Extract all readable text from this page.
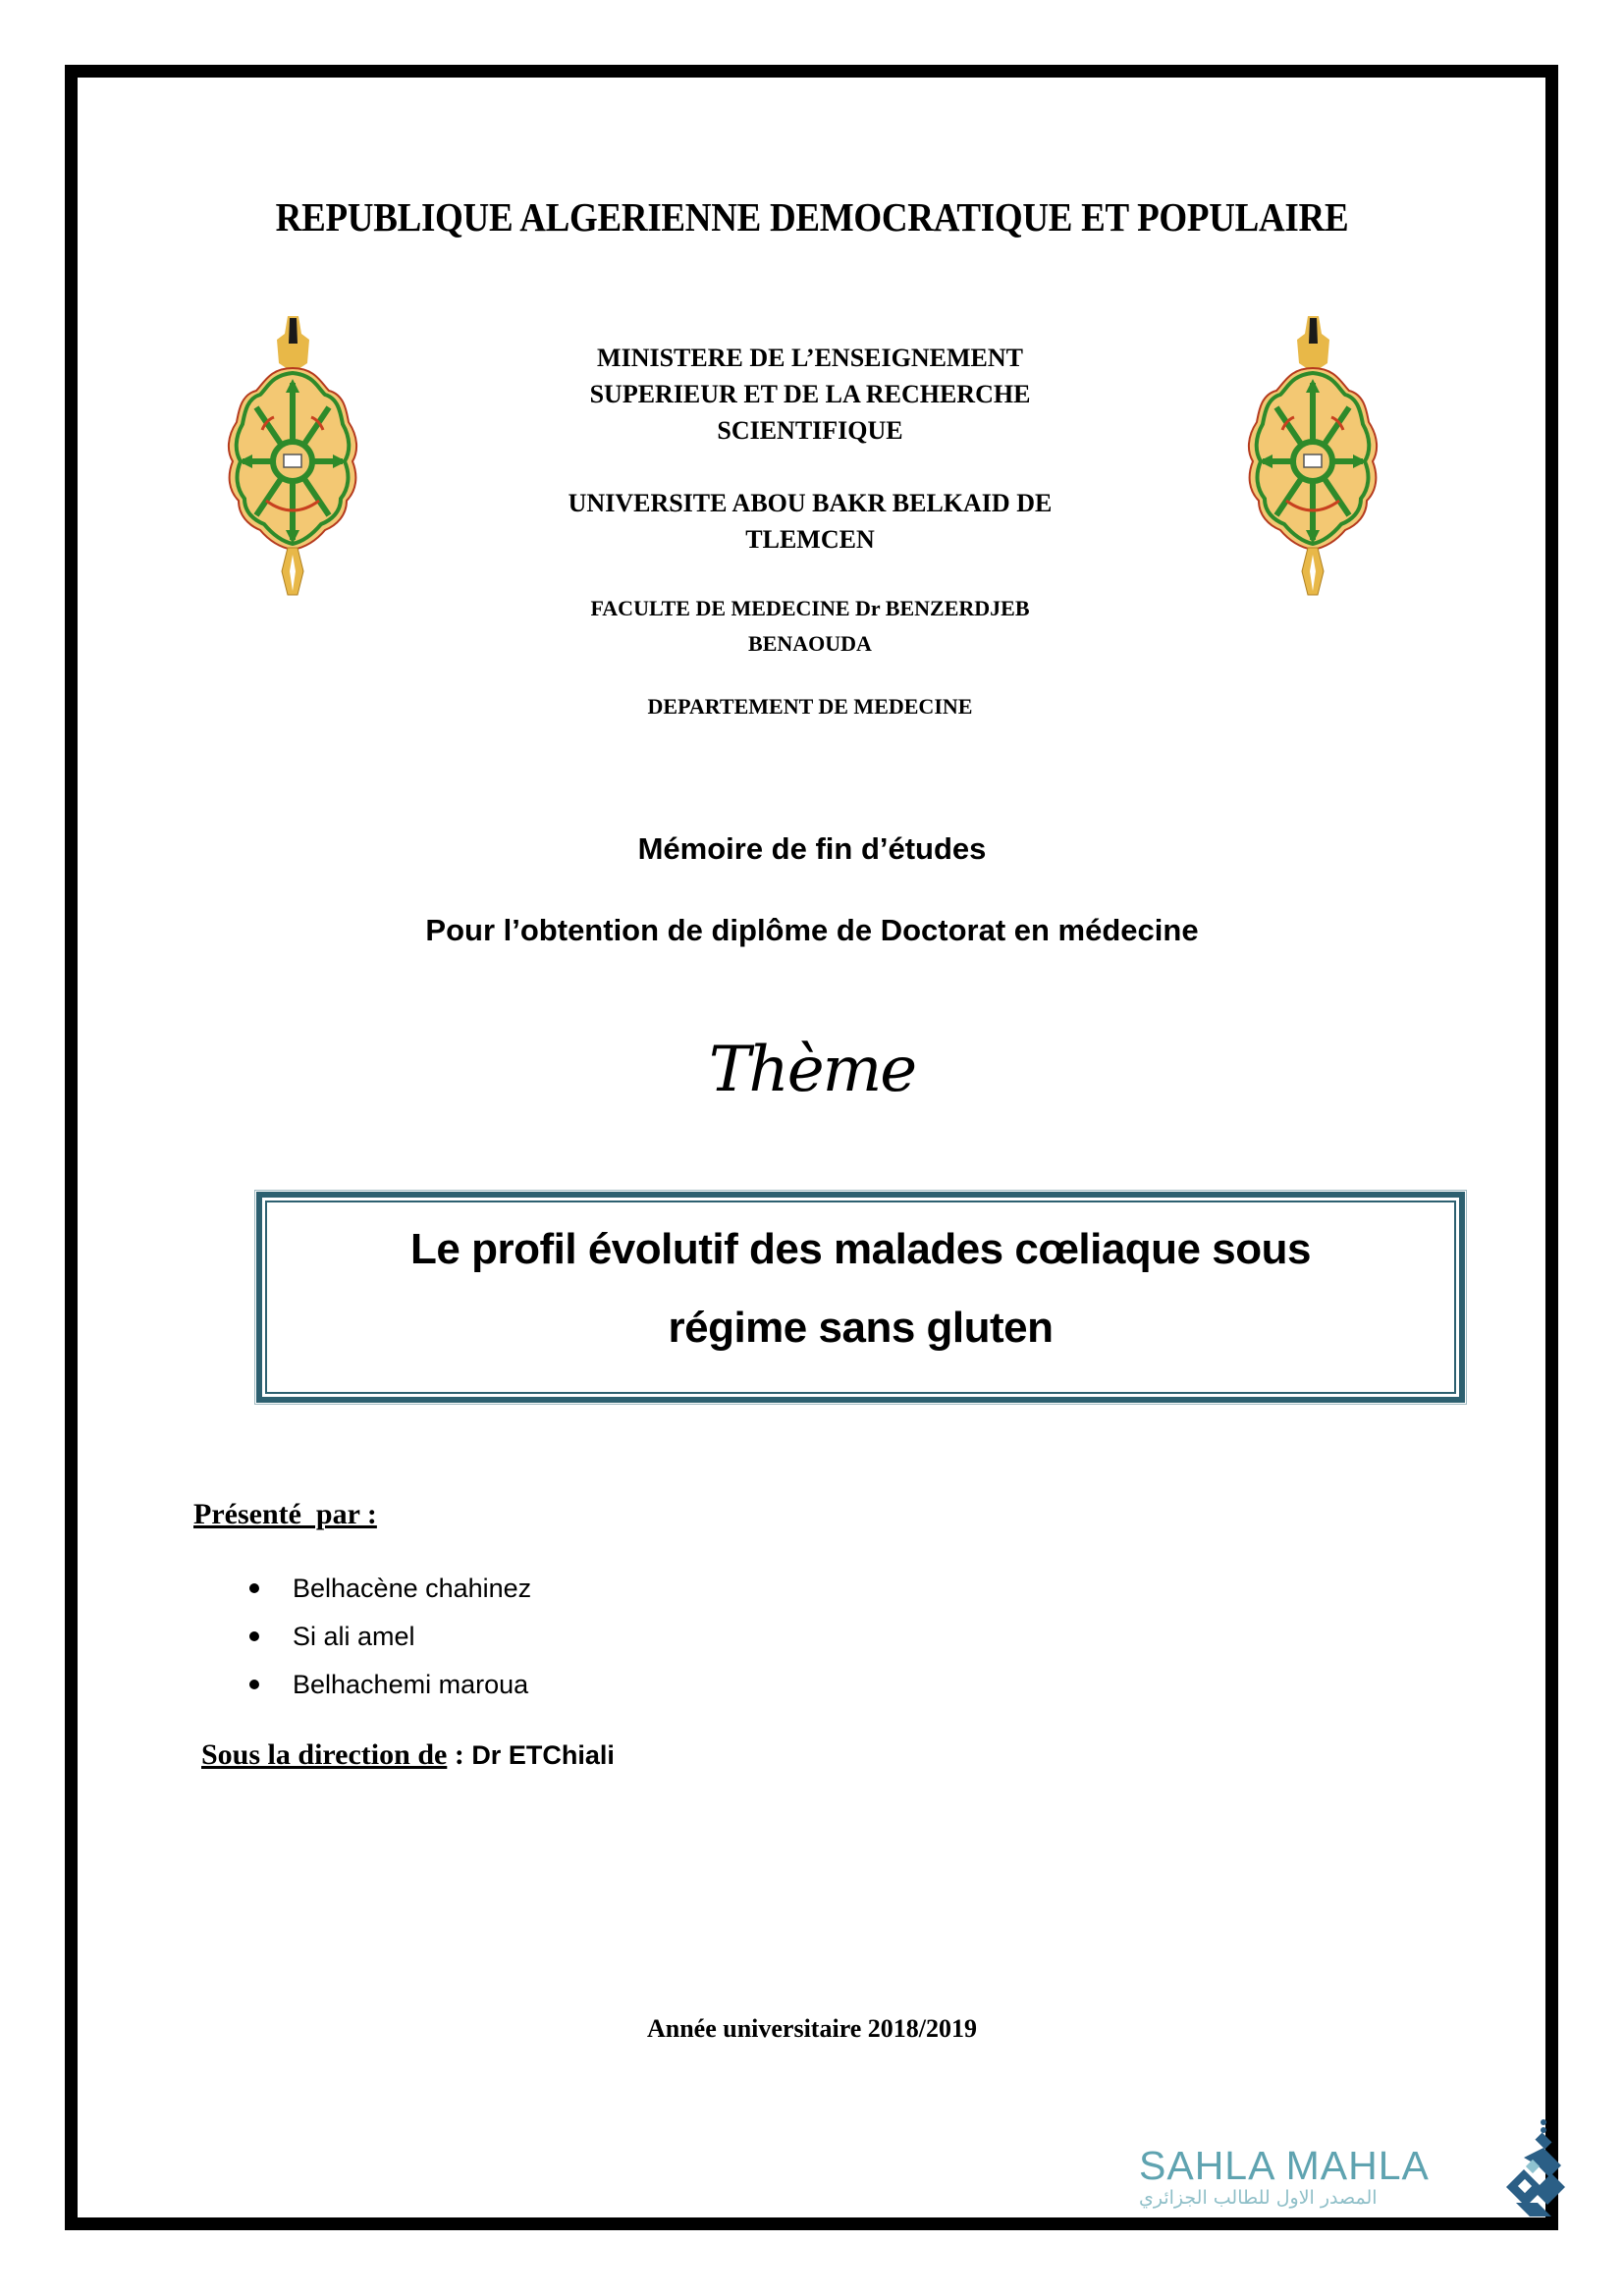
REPUBLIQUE ALGERIENNE DEMOCRATIQUE ET POPULAIRE
MINISTERE DE L’ENSEIGNEMENT
SUPERIEUR ET DE LA RECHERCHE
SCIENTIFIQUE
UNIVERSITE ABOU BAKR BELKAID DE
TLEMCEN
FACULTE DE MEDECINE Dr BENZERDJEB
BENAOUDA
DEPARTEMENT DE MEDECINE
Mémoire de fin d’études
Pour l’obtention de diplôme de Doctorat en médecine
Thème
Le profil évolutif des malades cœliaque sous
régime sans gluten
Présenté  par :
Belhacène chahinez
Si ali amel
Belhachemi maroua
Sous la direction de : Dr ETChiali
Année universitaire 2018/2019
SAHLA MAHLA
المصدر الاول للطالب الجزائري
